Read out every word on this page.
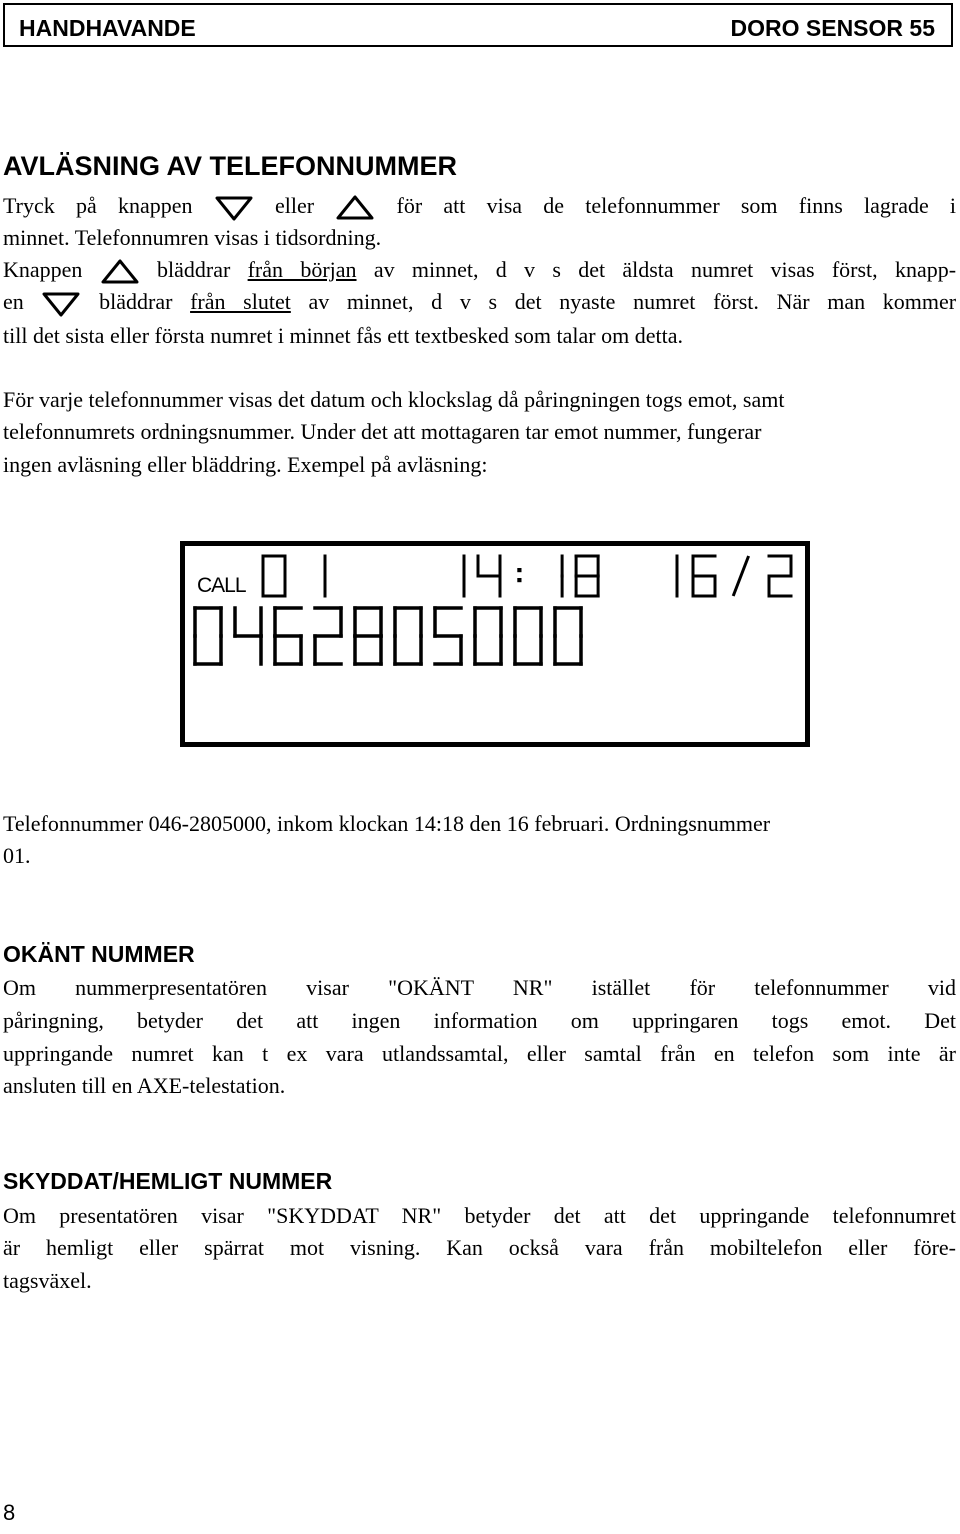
HANDHAVANDE	DORO SENSOR 55
AVLÄSNING AV TELEFONNUMMER
Tryck på knappen	eller	för att visa de telefonnummer som finns lagrade i
minnet. Telefonnumren visas i tidsordning.
Knappen	bläddrar från början av minnet, d v s det äldsta numret visas först, knapp-
en	bläddrar från slutet av minnet, d v s det nyaste numret först. När man kommer
till det sista eller första numret i minnet fås ett textbesked som talar om detta.
För varje telefonnummer visas det datum och klockslag då påringningen togs emot, samt
telefonnumrets ordningsnummer. Under det att mottagaren tar emot nummer, fungerar
ingen avläsning eller bläddring. Exempel på avläsning:
CALL
Telefonnummer 046-2805000, inkom klockan 14:18 den 16 februari. Ordningsnummer
01.
OKÄNT NUMMER
Om nummerpresentatören visar "OKÄNT NR" istället för telefonnummer vid
påringning, betyder det att ingen information om uppringaren togs emot. Det
uppringande numret kan t ex vara utlandssamtal, eller samtal från en telefon som inte är
ansluten till en AXE-telestation.
SKYDDAT/HEMLIGT NUMMER
Om presentatören visar "SKYDDAT NR" betyder det att det uppringande telefonnumret
är hemligt eller spärrat mot visning. Kan också vara från mobiltelefon eller före-
tagsväxel.
8
